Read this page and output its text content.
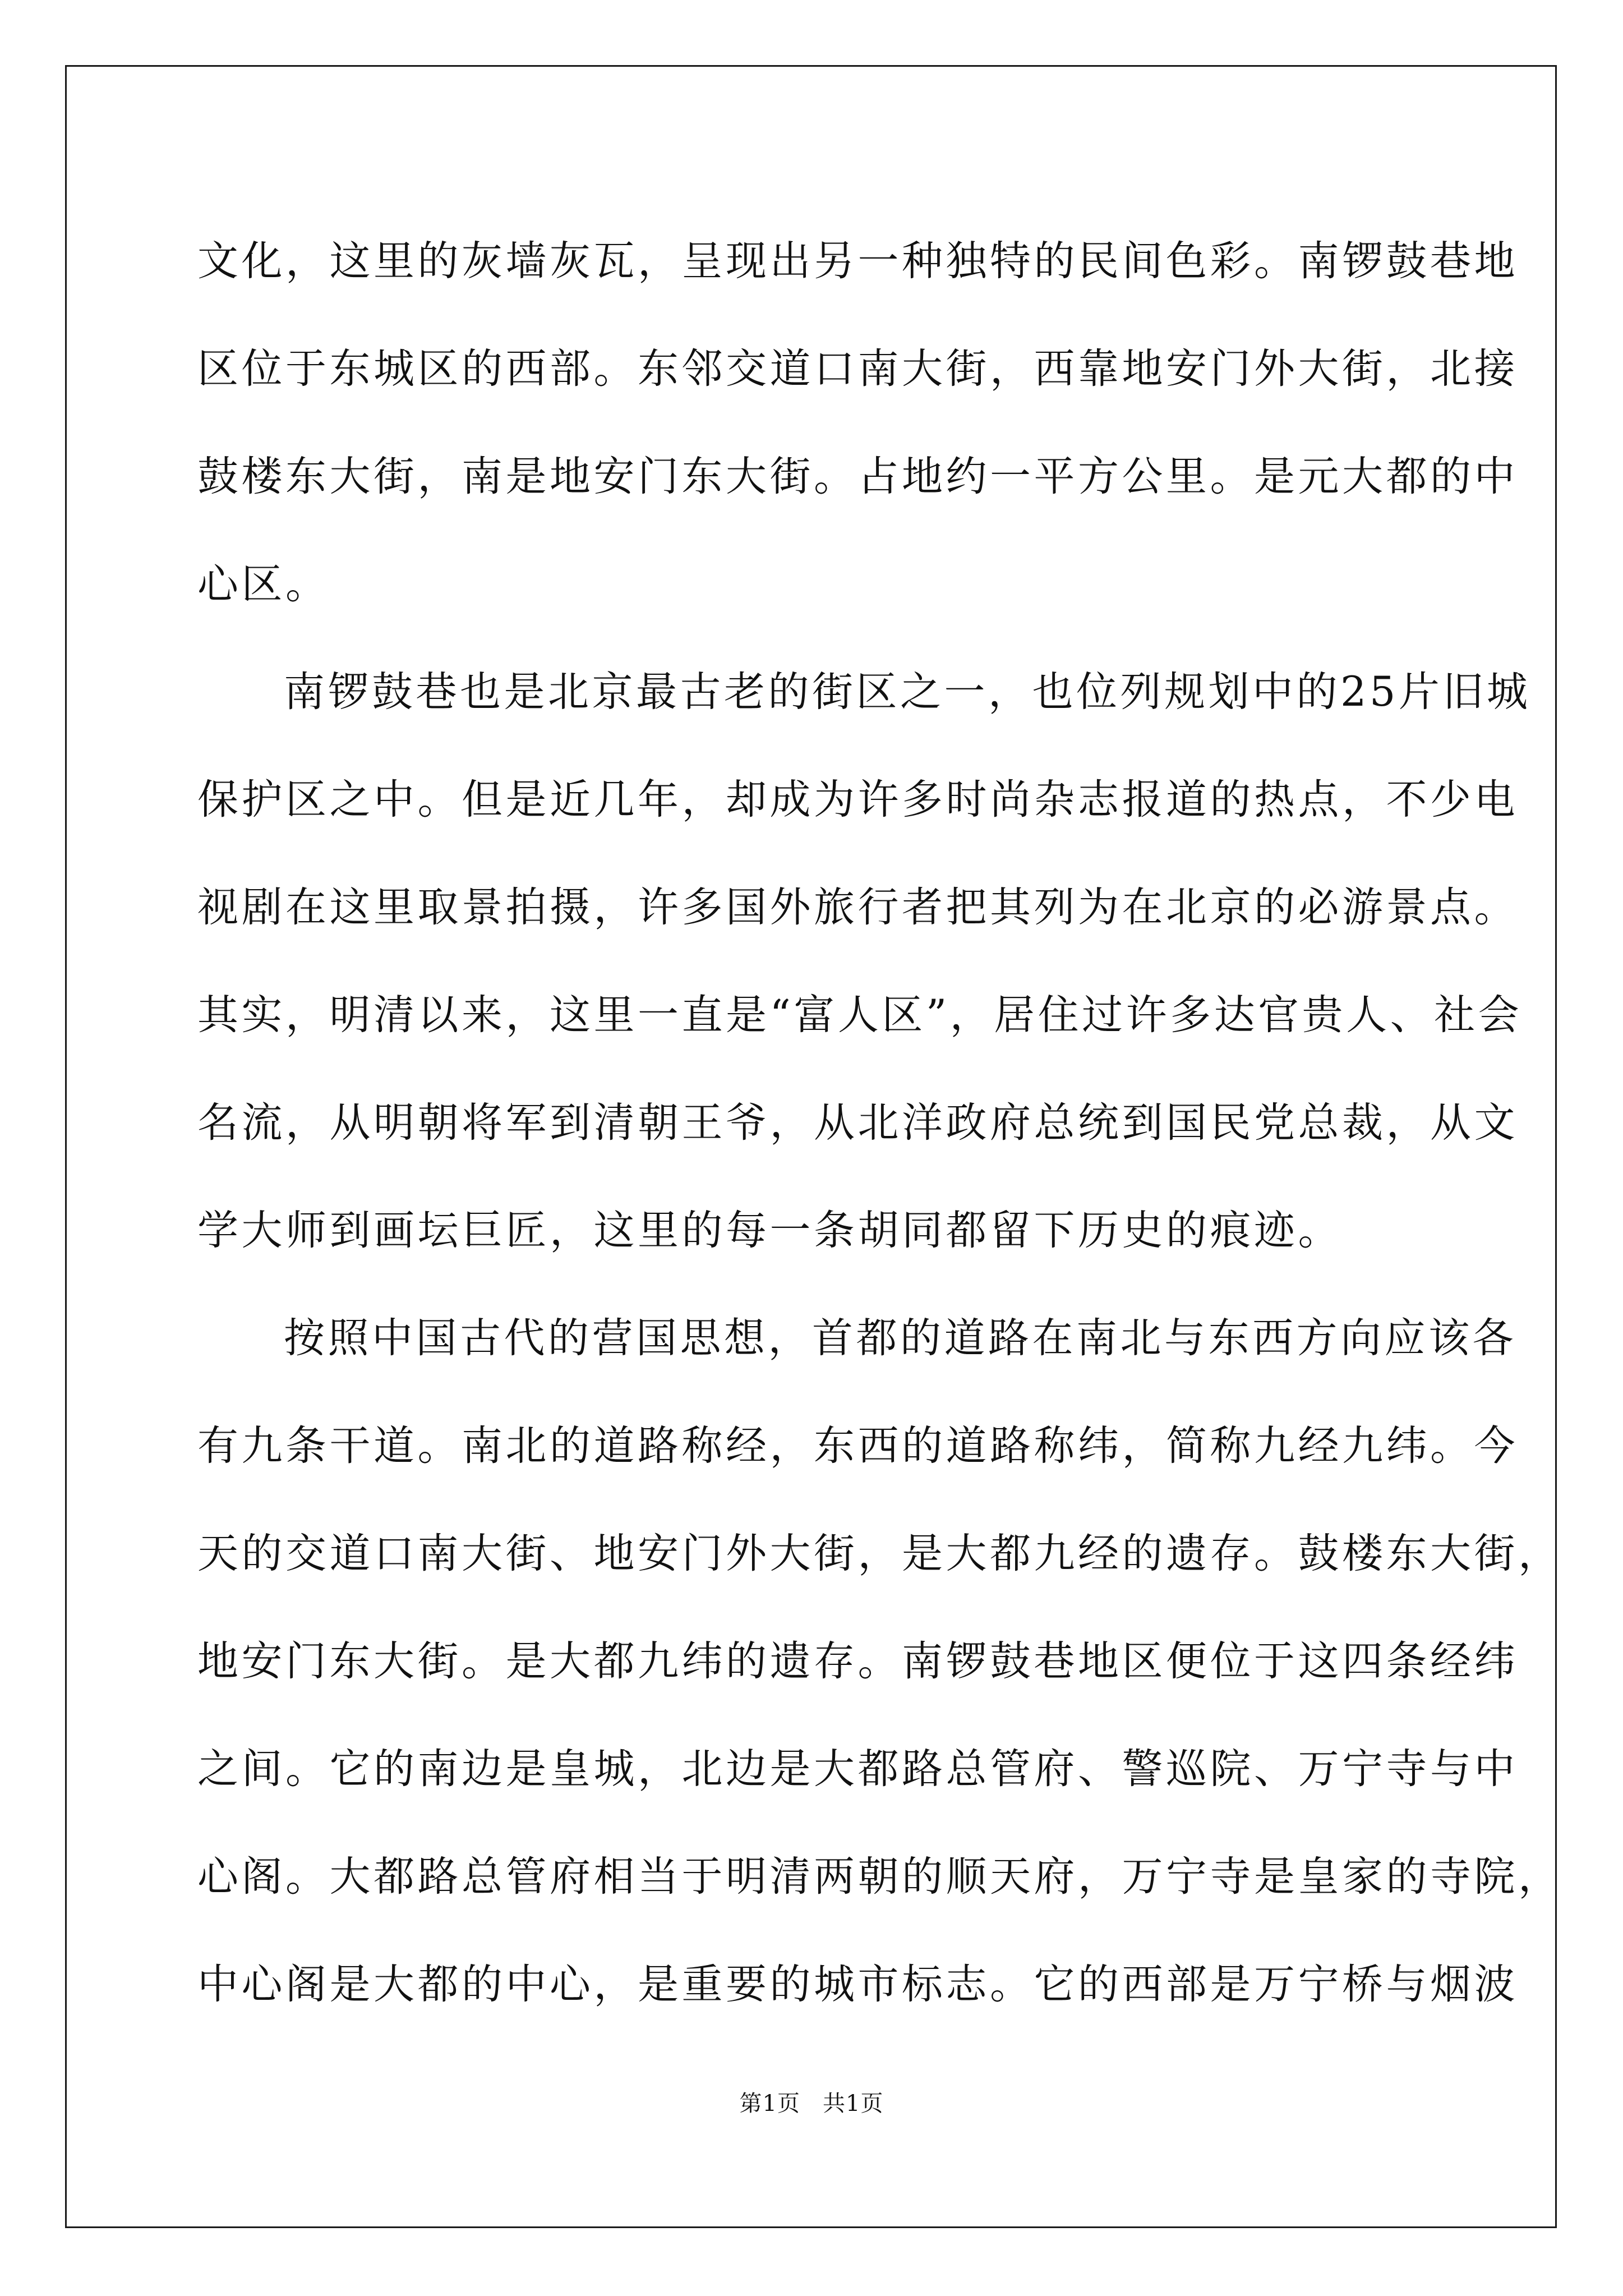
文化，这里的灰墙灰瓦，呈现出另一种独特的民间色彩。南锣鼓巷地
区位于东城区的西部。东邻交道口南大街，西靠地安门外大街，北接
鼓楼东大街，南是地安门东大街。占地约一平方公里。是元大都的中
心区。

南锣鼓巷也是北京最古老的街区之一，也位列规划中的25片旧城
保护区之中。但是近几年，却成为许多时尚杂志报道的热点，不少电
视剧在这里取景拍摄，许多国外旅行者把其列为在北京的必游景点。
其实，明清以来，这里一直是“富人区”，居住过许多达官贵人、社会
名流，从明朝将军到清朝王爷，从北洋政府总统到国民党总裁，从文
学大师到画坛巨匠，这里的每一条胡同都留下历史的痕迹。

按照中国古代的营国思想，首都的道路在南北与东西方向应该各
有九条干道。南北的道路称经，东西的道路称纬，简称九经九纬。今
天的交道口南大街、地安门外大街，是大都九经的遗存。鼓楼东大街，
地安门东大街。是大都九纬的遗存。南锣鼓巷地区便位于这四条经纬
之间。它的南边是皇城，北边是大都路总管府、警巡院、万宁寺与中
心阁。大都路总管府相当于明清两朝的顺天府，万宁寺是皇家的寺院，
中心阁是大都的中心，是重要的城市标志。它的西部是万宁桥与烟波

第1页 共1页
